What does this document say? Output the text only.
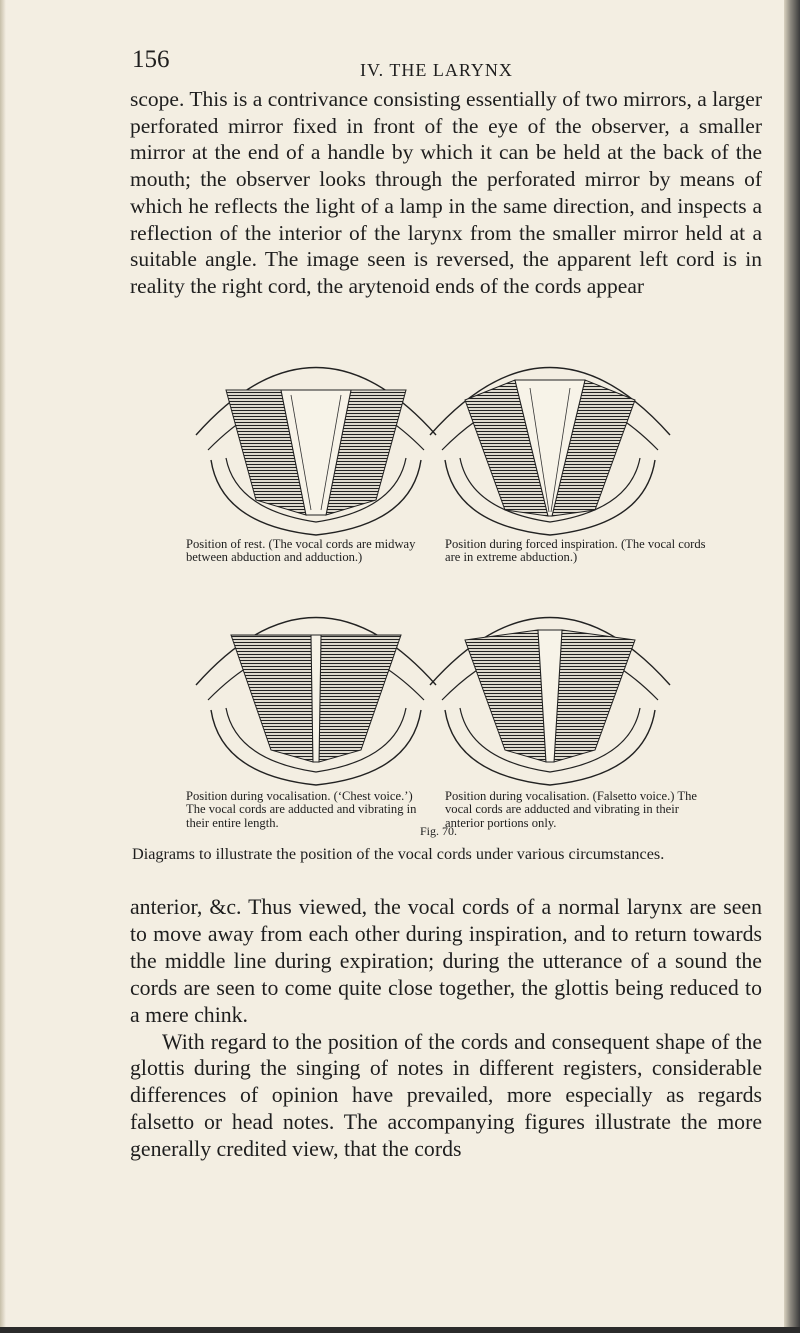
156	IV. THE LARYNX
scope. This is a contrivance consisting essentially of two mirrors, a larger perforated mirror fixed in front of the eye of the observer, a smaller mirror at the end of a handle by which it can be held at the back of the mouth; the observer looks through the perforated mirror by means of which he reflects the light of a lamp in the same direction, and inspects a reflection of the interior of the larynx from the smaller mirror held at a suitable angle. The image seen is reversed, the apparent left cord is in reality the right cord, the arytenoid ends of the cords appear
Position of rest. (The vocal cords are midway between abduction and adduction.)
Position during forced inspiration. (The vocal cords are in extreme abduction.)
Position during vocalisation. (‘Chest voice.’) The vocal cords are adducted and vibrating in their entire length.
Position during vocalisation. (Falsetto voice.) The vocal cords are adducted and vibrating in their anterior portions only.
Fig. 70.
Diagrams to illustrate the position of the vocal cords under various circumstances.

anterior, &c. Thus viewed, the vocal cords of a normal larynx are seen to move away from each other during inspiration, and to return towards the middle line during expiration; during the utterance of a sound the cords are seen to come quite close together, the glottis being reduced to a mere chink.

With regard to the position of the cords and consequent shape of the glottis during the singing of notes in different registers, considerable differences of opinion have prevailed, more especially as regards falsetto or head notes. The accompanying figures illustrate the more generally credited view, that the cords
